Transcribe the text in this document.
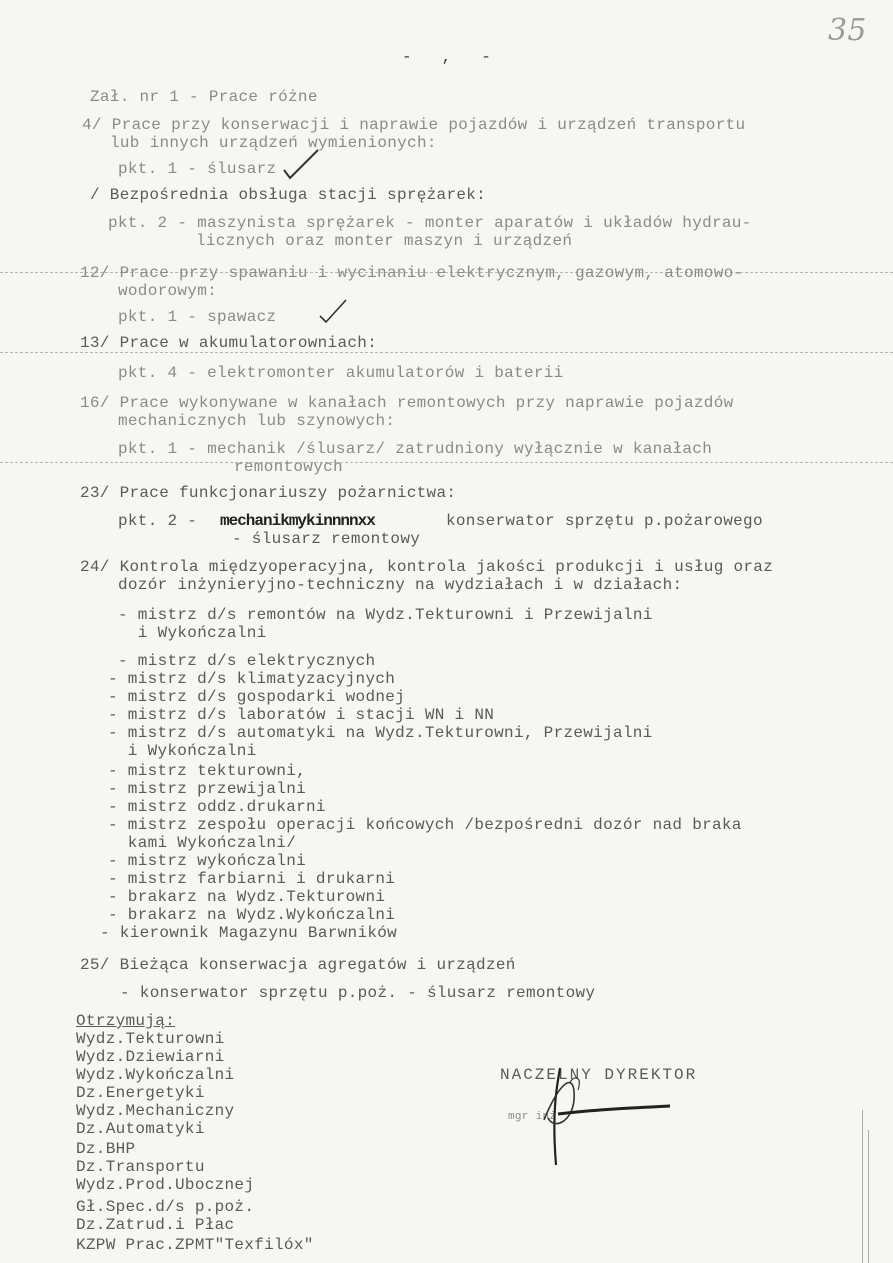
35
-   ,   -
Zał. nr 1 - Prace różne
4/ Prace przy konserwacji i naprawie pojazdów i urządzeń transportu
lub innych urządzeń wymienionych:
pkt. 1 - ślusarz
/ Bezpośrednia obsługa stacji sprężarek:
pkt. 2 - maszynista sprężarek - monter aparatów i układów hydrau-
licznych oraz monter maszyn i urządzeń
12/ Prace przy spawaniu i wycinaniu elektrycznym, gazowym, atomowo-
wodorowym:
pkt. 1 - spawacz
13/ Prace w akumulatorowniach:
pkt. 4 - elektromonter akumulatorów i baterii
16/ Prace wykonywane w kanałach remontowych przy naprawie pojazdów
mechanicznych lub szynowych:
pkt. 1 - mechanik /ślusarz/ zatrudniony wyłącznie w kanałach
remontowych
23/ Prace funkcjonariuszy pożarnictwa:
pkt. 2 - mechanikmykinnnnxx	konserwator sprzętu p.pożarowego
- ślusarz remontowy
24/ Kontrola międzyoperacyjna, kontrola jakości produkcji i usług oraz
dozór inżynieryjno-techniczny na wydziałach i w działach:
- mistrz d/s remontów na Wydz.Tekturowni i Przewijalni
i Wykończalni
- mistrz d/s elektrycznych
- mistrz d/s klimatyzacyjnych
- mistrz d/s gospodarki wodnej
- mistrz d/s laboratów i stacji WN i NN
- mistrz d/s automatyki na Wydz.Tekturowni, Przewijalni
i Wykończalni
- mistrz tekturowni,
- mistrz przewijalni
- mistrz oddz.drukarni
- mistrz zespołu operacji końcowych /bezpośredni dozór nad braka
kami Wykończalni/
- mistrz wykończalni
- mistrz farbiarni i drukarni
- brakarz na Wydz.Tekturowni
- brakarz na Wydz.Wykończalni
- kierownik Magazynu Barwników
25/ Bieżąca konserwacja agregatów i urządzeń
- konserwator sprzętu p.poż. - ślusarz remontowy
Otrzymują:
Wydz.Tekturowni
Wydz.Dziewiarni
Wydz.Wykończalni
Dz.Energetyki
Wydz.Mechaniczny
Dz.Automatyki
Dz.BHP
Dz.Transportu
Wydz.Prod.Ubocznej
Gł.Spec.d/s p.poż.
Dz.Zatrud.i Płac
KZPW Prac.ZPMT"Texfilóx"
NACZELNY DYREKTOR
mgr inż
